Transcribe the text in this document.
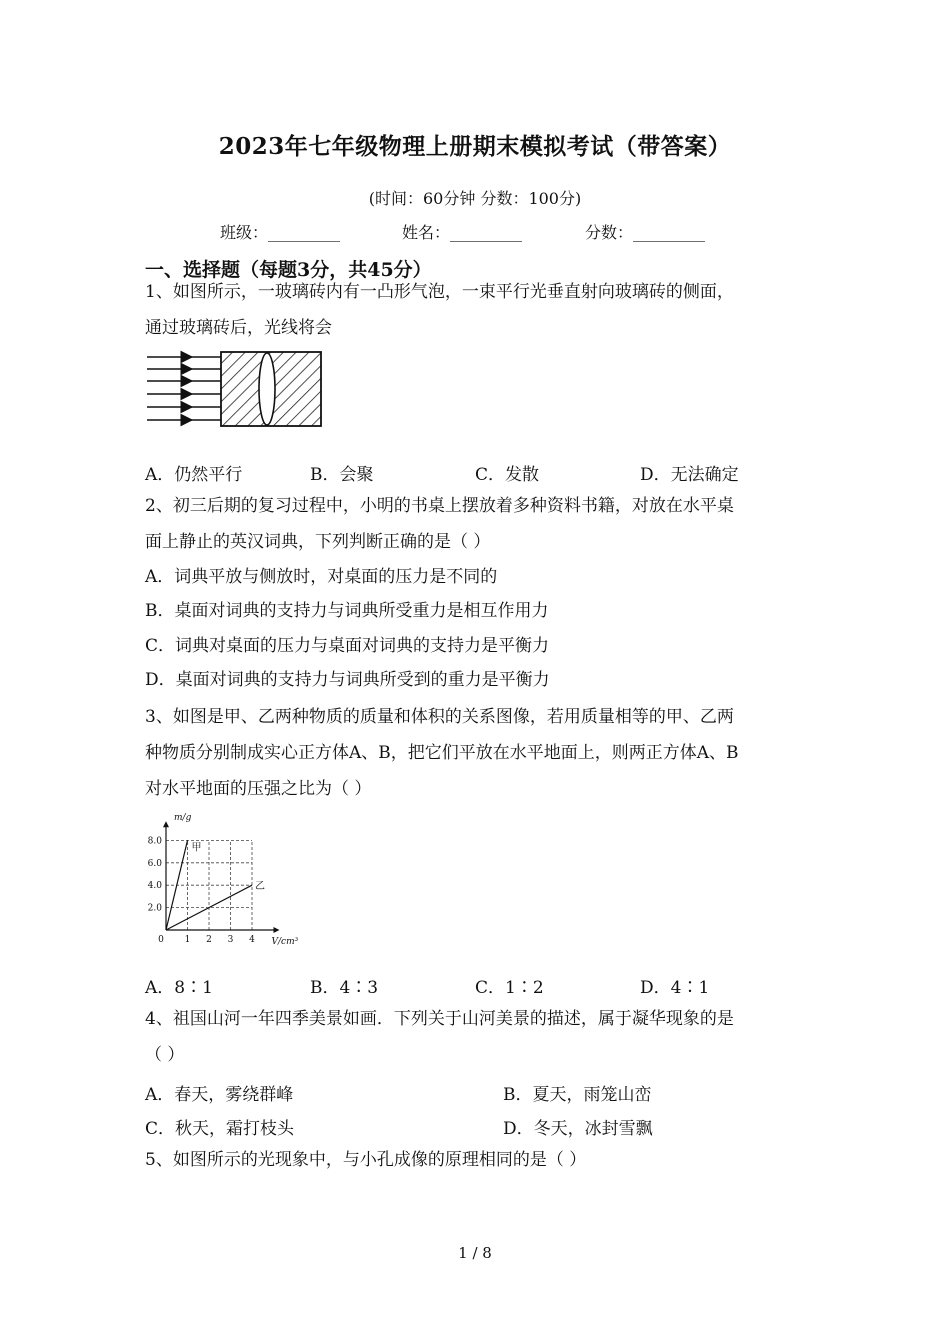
2023年七年级物理上册期末模拟考试（带答案）
(时间：60分钟 分数：100分)
班级：_________	姓名：_________	分数：_________
一、选择题（每题3分，共45分）
1、如图所示，一玻璃砖内有一凸形气泡，一束平行光垂直射向玻璃砖的侧面，
通过玻璃砖后，光线将会
A．仍然平行	B．会聚	C．发散	D．无法确定
2、初三后期的复习过程中，小明的书桌上摆放着多种资料书籍，对放在水平桌
面上静止的英汉词典，下列判断正确的是（ ）
A．词典平放与侧放时，对桌面的压力是不同的
B．桌面对词典的支持力与词典所受重力是相互作用力
C．词典对桌面的压力与桌面对词典的支持力是平衡力
D．桌面对词典的支持力与词典所受到的重力是平衡力
3、如图是甲、乙两种物质的质量和体积的关系图像，若用质量相等的甲、乙两
种物质分别制成实心正方体A、B，把它们平放在水平地面上，则两正方体A、B
对水平地面的压强之比为（ ）
0 1 2 3 4
2.0
4.0
6.0
8.0
m/g
V/cm³
甲
乙
A．8∶1	B．4∶3	C．1∶2	D．4∶1
4、祖国山河一年四季美景如画．下列关于山河美景的描述，属于凝华现象的是
（ ）
A．春天，雾绕群峰	B．夏天，雨笼山峦
C．秋天，霜打枝头	D．冬天，冰封雪飘
5、如图所示的光现象中，与小孔成像的原理相同的是（ ）
1 / 8
